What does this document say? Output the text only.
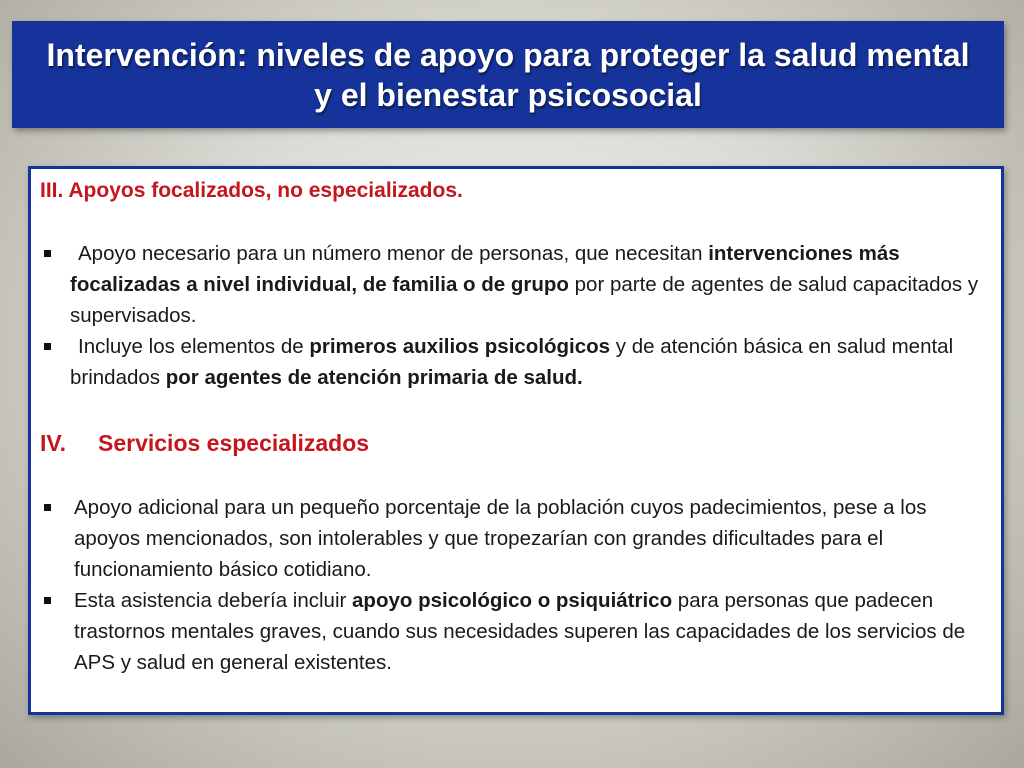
Intervención: niveles de apoyo para proteger la salud mental y el bienestar psicosocial
III. Apoyos focalizados, no especializados.
Apoyo necesario para un número menor de personas, que necesitan intervenciones más focalizadas a nivel individual, de familia o de grupo por parte de agentes de salud capacitados y supervisados.
Incluye los elementos de primeros auxilios psicológicos y de atención básica en salud mental brindados por agentes de atención primaria de salud.
IV. Servicios especializados
Apoyo adicional para un pequeño porcentaje de la población cuyos padecimientos, pese a los apoyos mencionados, son intolerables y que tropezarían con grandes dificultades para el funcionamiento básico cotidiano.
Esta asistencia debería incluir apoyo psicológico o psiquiátrico para personas que padecen trastornos mentales graves, cuando sus necesidades superen las capacidades de los servicios de APS y salud en general existentes.
